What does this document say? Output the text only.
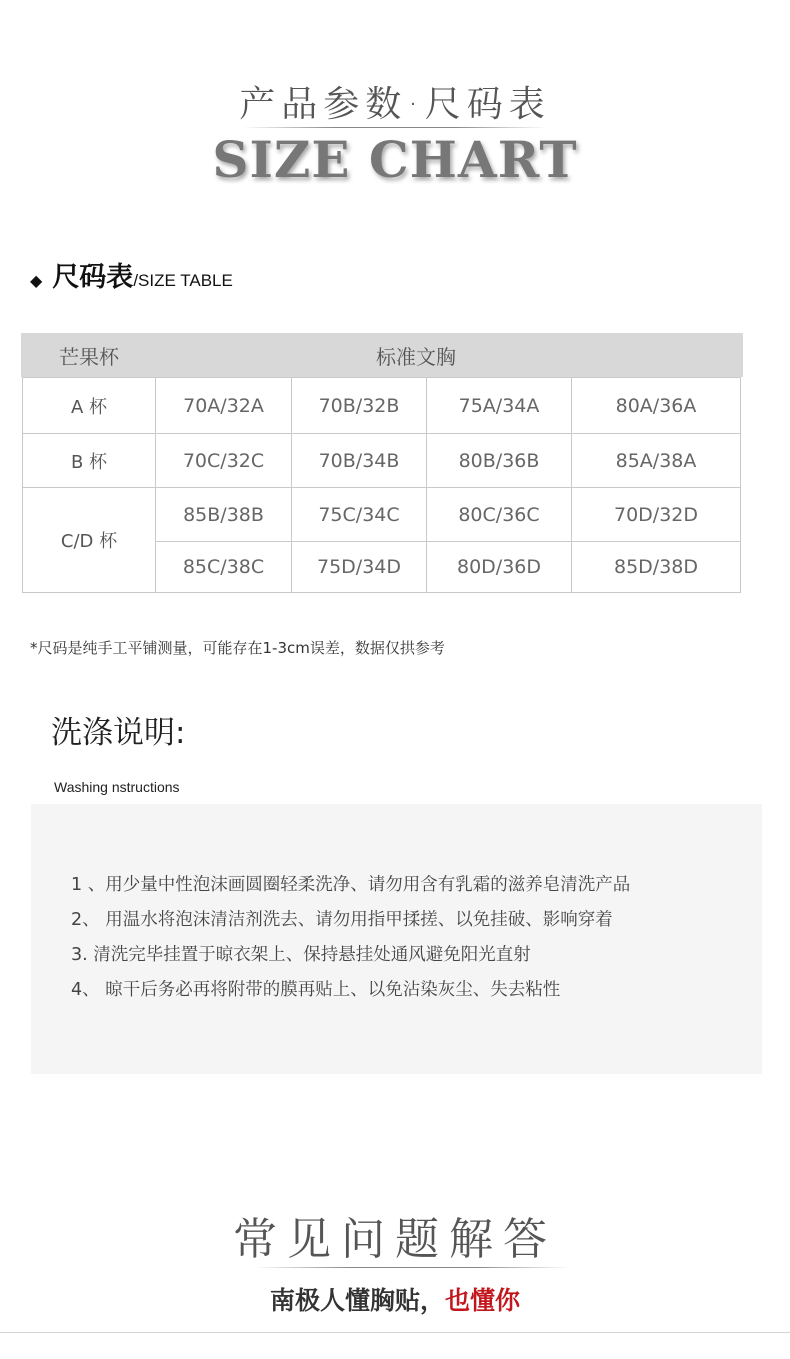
产品参数·尺码表
SIZE CHART
◆ 尺码表 /SIZE TABLE
芒果杯	标准文胸
A 杯	70A/32A	70B/32B	75A/34A	80A/36A
B 杯	70C/32C	70B/34B	80B/36B	85A/38A
C/D 杯	85B/38B	75C/34C	80C/36C	70D/32D
	85C/38C	75D/34D	80D/36D	85D/38D
*尺码是纯手工平铺测量，可能存在1-3cm误差，数据仅拱参考
洗涤说明:
Washing nstructions
1 、用少量中性泡沫画圆圈轻柔洗净、请勿用含有乳霜的滋养皂清洗产品
2、 用温水将泡沫清洁剂洗去、请勿用指甲揉搓、以免挂破、影响穿着
3. 清洗完毕挂置于晾衣架上、保持悬挂处通风避免阳光直射
4、 晾干后务必再将附带的膜再贴上、以免沾染灰尘、失去粘性
常见问题解答
南极人懂胸贴，也懂你
